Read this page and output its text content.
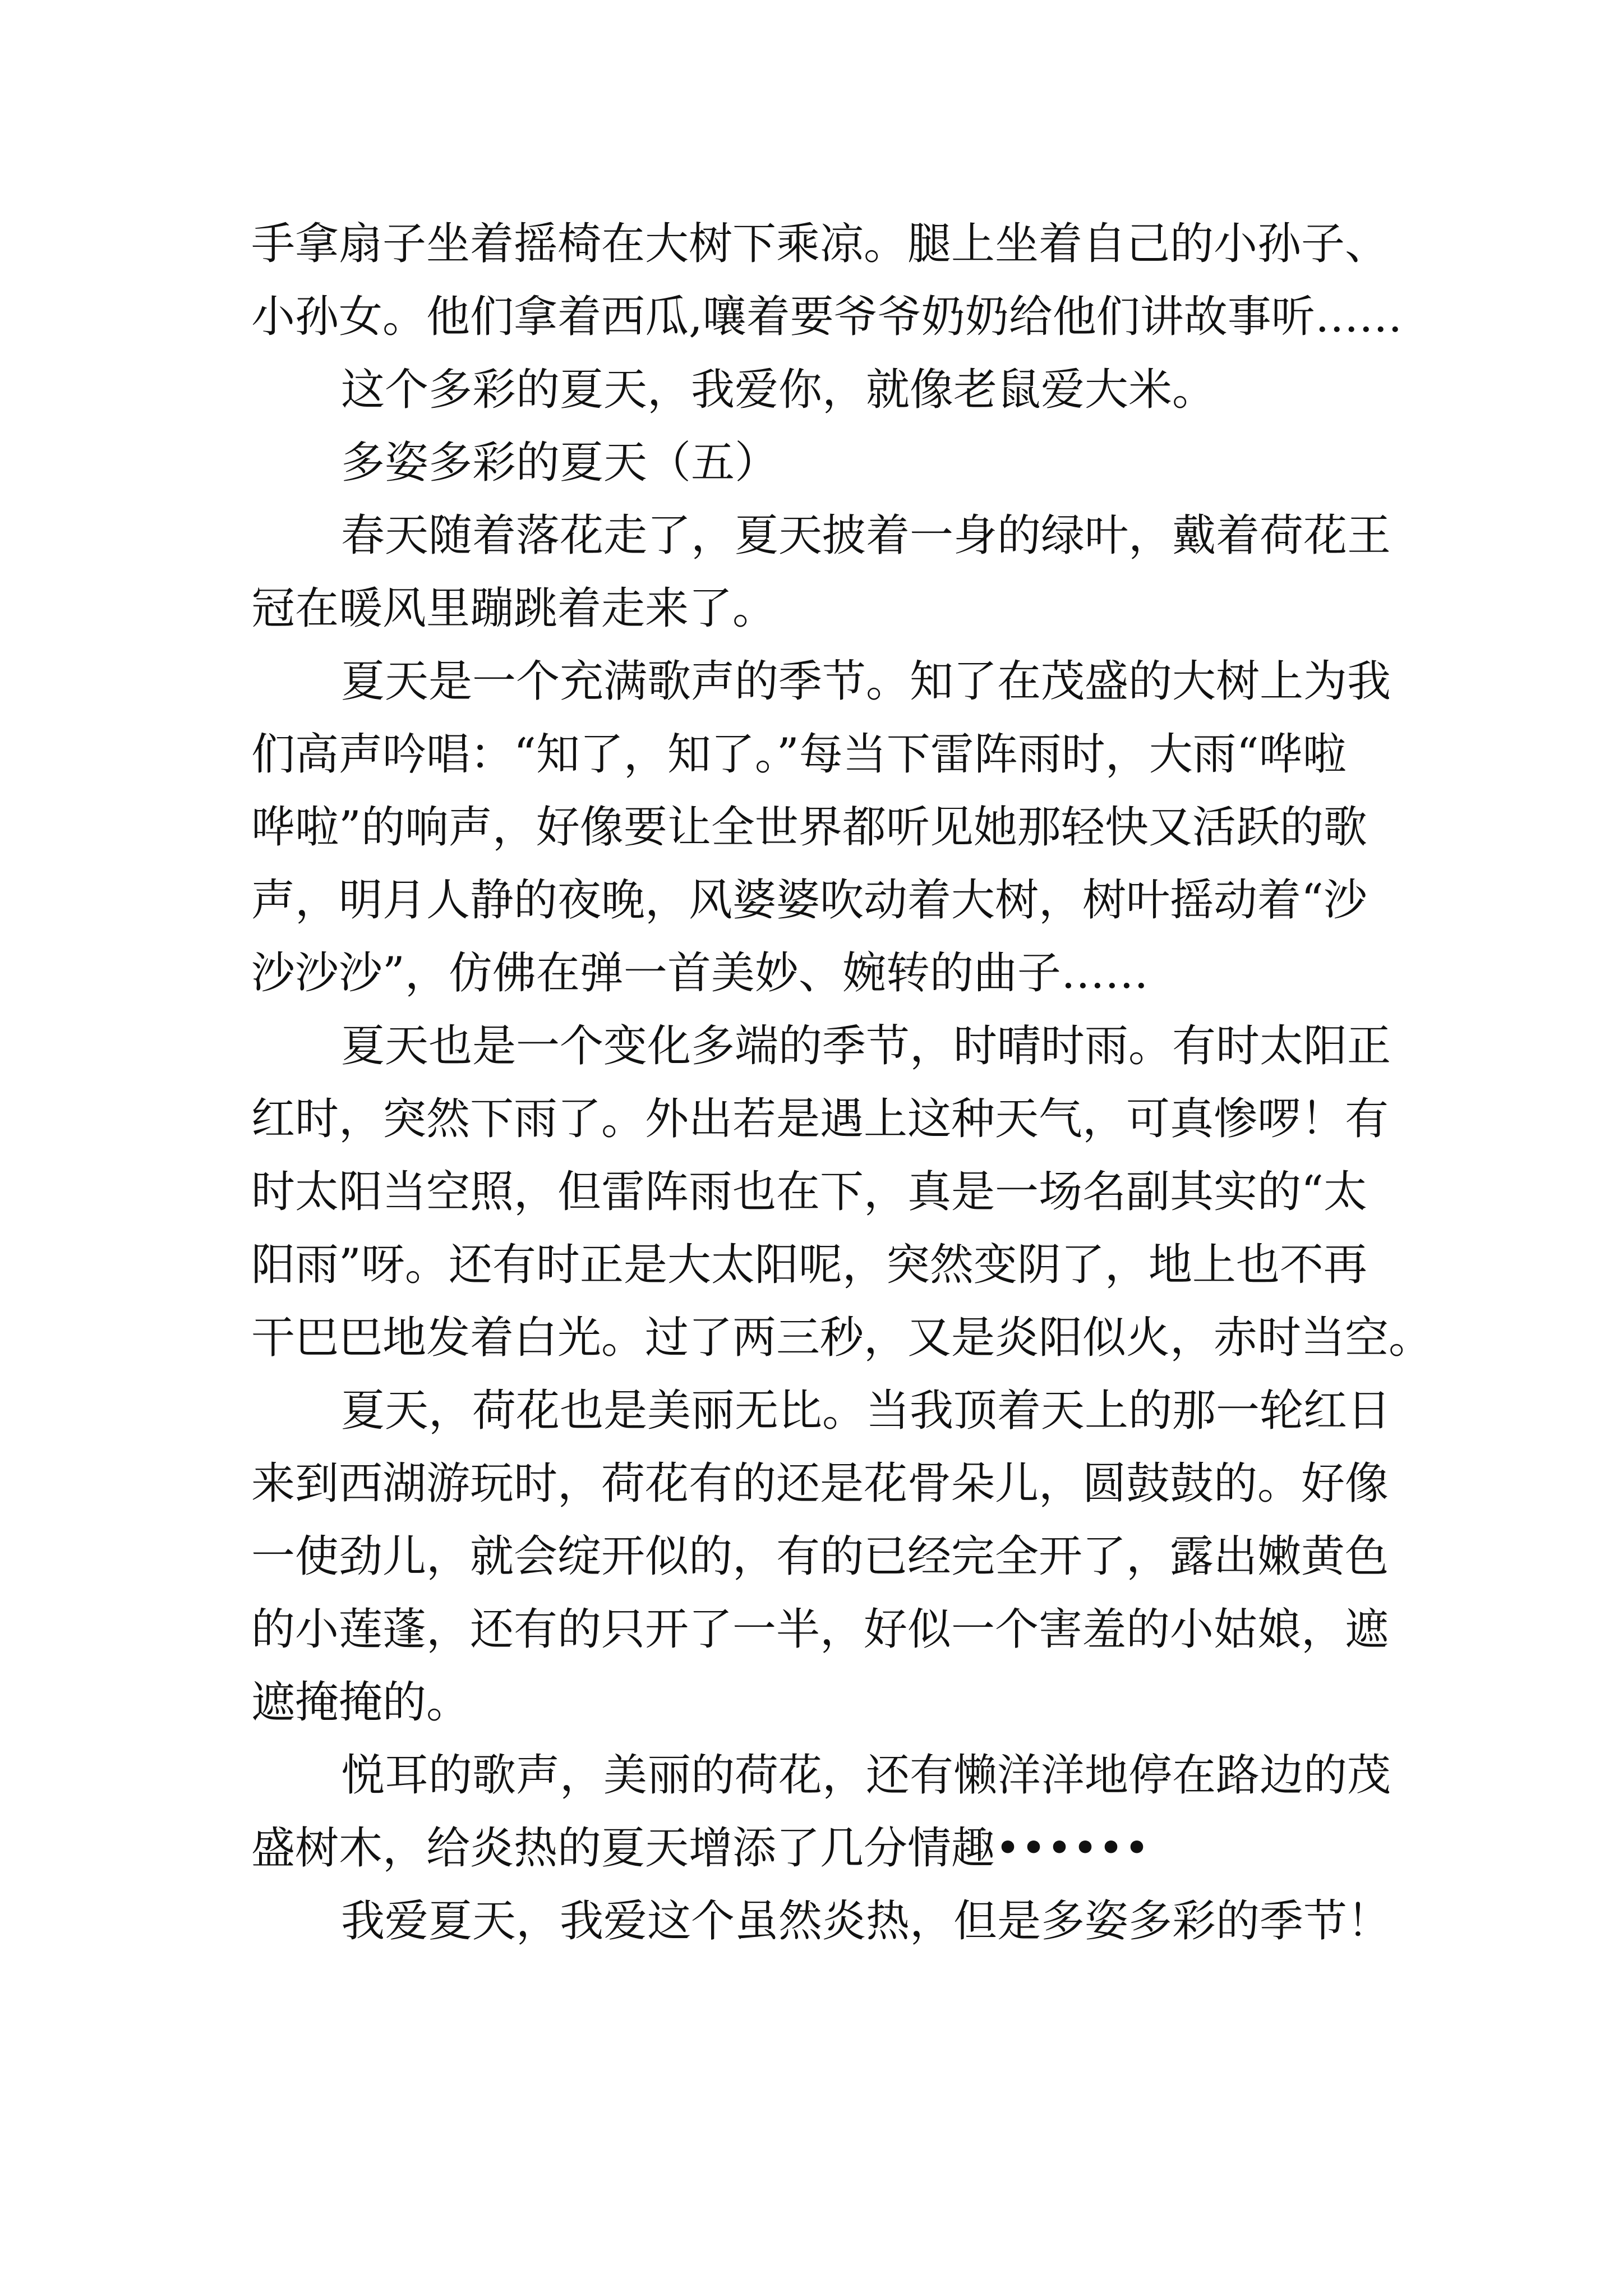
手拿扇子坐着摇椅在大树下乘凉。腿上坐着自己的小孙子、
小孙女。他们拿着西瓜,嚷着要爷爷奶奶给他们讲故事听……
这个多彩的夏天，我爱你，就像老鼠爱大米。
多姿多彩的夏天（五）
春天随着落花走了，夏天披着一身的绿叶，戴着荷花王
冠在暖风里蹦跳着走来了。
夏天是一个充满歌声的季节。知了在茂盛的大树上为我
们高声吟唱：“知了，知了。”每当下雷阵雨时，大雨“哗啦
哗啦”的响声，好像要让全世界都听见她那轻快又活跃的歌
声，明月人静的夜晚，风婆婆吹动着大树，树叶摇动着“沙
沙沙沙”，仿佛在弹一首美妙、婉转的曲子……
夏天也是一个变化多端的季节，时晴时雨。有时太阳正
红时，突然下雨了。外出若是遇上这种天气，可真惨啰！有
时太阳当空照，但雷阵雨也在下，真是一场名副其实的“太
阳雨”呀。还有时正是大太阳呢，突然变阴了，地上也不再
干巴巴地发着白光。过了两三秒，又是炎阳似火，赤时当空。
夏天，荷花也是美丽无比。当我顶着天上的那一轮红日
来到西湖游玩时，荷花有的还是花骨朵儿，圆鼓鼓的。好像
一使劲儿，就会绽开似的，有的已经完全开了，露出嫩黄色
的小莲蓬，还有的只开了一半，好似一个害羞的小姑娘，遮
遮掩掩的。
悦耳的歌声，美丽的荷花，还有懒洋洋地停在路边的茂
盛树木，给炎热的夏天增添了几分情趣••••••
我爱夏天，我爱这个虽然炎热，但是多姿多彩的季节！
